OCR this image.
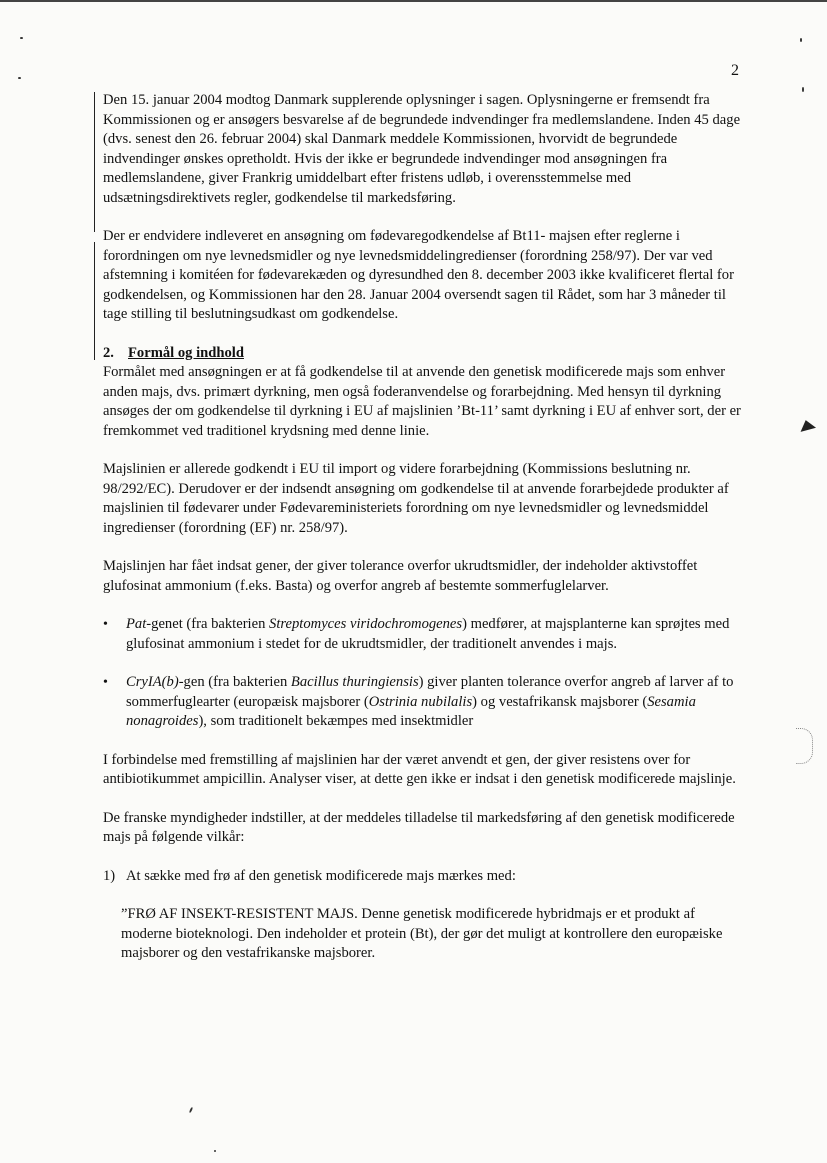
2

Den 15. januar 2004 modtog Danmark supplerende oplysninger i sagen. Oplysningerne er fremsendt fra Kommissionen og er ansøgers besvarelse af de begrundede indvendinger fra medlemslandene. Inden 45 dage (dvs. senest den 26. februar 2004) skal Danmark meddele Kommissionen, hvorvidt de begrundede indvendinger ønskes opretholdt. Hvis der ikke er begrundede indvendinger mod ansøgningen fra medlemslandene, giver Frankrig umiddelbart efter fristens udløb, i overensstemmelse med udsætningsdirektivets regler, godkendelse til markedsføring.

Der er endvidere indleveret en ansøgning om fødevaregodkendelse af Bt11- majsen efter reglerne i forordningen om nye levnedsmidler og nye levnedsmiddelingredienser (forordning 258/97). Der var ved afstemning i komitéen for fødevarekæden og dyresundhed den 8. december 2003 ikke kvalificeret flertal for godkendelsen, og Kommissionen har den 28. Januar 2004 oversendt sagen til Rådet, som har 3 måneder til tage stilling til beslutningsudkast om godkendelse.

2. Formål og indhold

Formålet med ansøgningen er at få godkendelse til at anvende den genetisk modificerede majs som enhver anden majs, dvs. primært dyrkning, men også foderanvendelse og forarbejdning. Med hensyn til dyrkning ansøges der om godkendelse til dyrkning i EU af majslinien ’Bt-11’ samt dyrkning i EU af enhver sort, der er fremkommet ved traditionel krydsning med denne linie.

Majslinien er allerede godkendt i EU til import og videre forarbejdning (Kommissions beslutning nr. 98/292/EC). Derudover er der indsendt ansøgning om godkendelse til at anvende forarbejdede produkter af majslinien til fødevarer under Fødevareministeriets forordning om nye levnedsmidler og levnedsmiddel ingredienser (forordning (EF) nr. 258/97).

Majslinjen har fået indsat gener, der giver tolerance overfor ukrudtsmidler, der indeholder aktivstoffet glufosinat ammonium (f.eks. Basta) og overfor angreb af bestemte sommerfuglelarver.

• Pat-genet (fra bakterien Streptomyces viridochromogenes) medfører, at majsplanterne kan sprøjtes med glufosinat ammonium i stedet for de ukrudtsmidler, der traditionelt anvendes i majs.
• CryIA(b)-gen (fra bakterien Bacillus thuringiensis) giver planten tolerance overfor angreb af larver af to sommerfuglearter (europæisk majsborer (Ostrinia nubilalis) og vestafrikansk majsborer (Sesamia nonagroides), som traditionelt bekæmpes med insektmidler

I forbindelse med fremstilling af majslinien har der været anvendt et gen, der giver resistens over for antibiotikummet ampicillin. Analyser viser, at dette gen ikke er indsat i den genetisk modificerede majslinje.

De franske myndigheder indstiller, at der meddeles tilladelse til markedsføring af den genetisk modificerede majs på følgende vilkår:

1) At sække med frø af den genetisk modificerede majs mærkes med:

”FRØ AF INSEKT-RESISTENT MAJS. Denne genetisk modificerede hybridmajs er et produkt af moderne bioteknologi. Den indeholder et protein (Bt), der gør det muligt at kontrollere den europæiske majsborer og den vestafrikanske majsborer.
